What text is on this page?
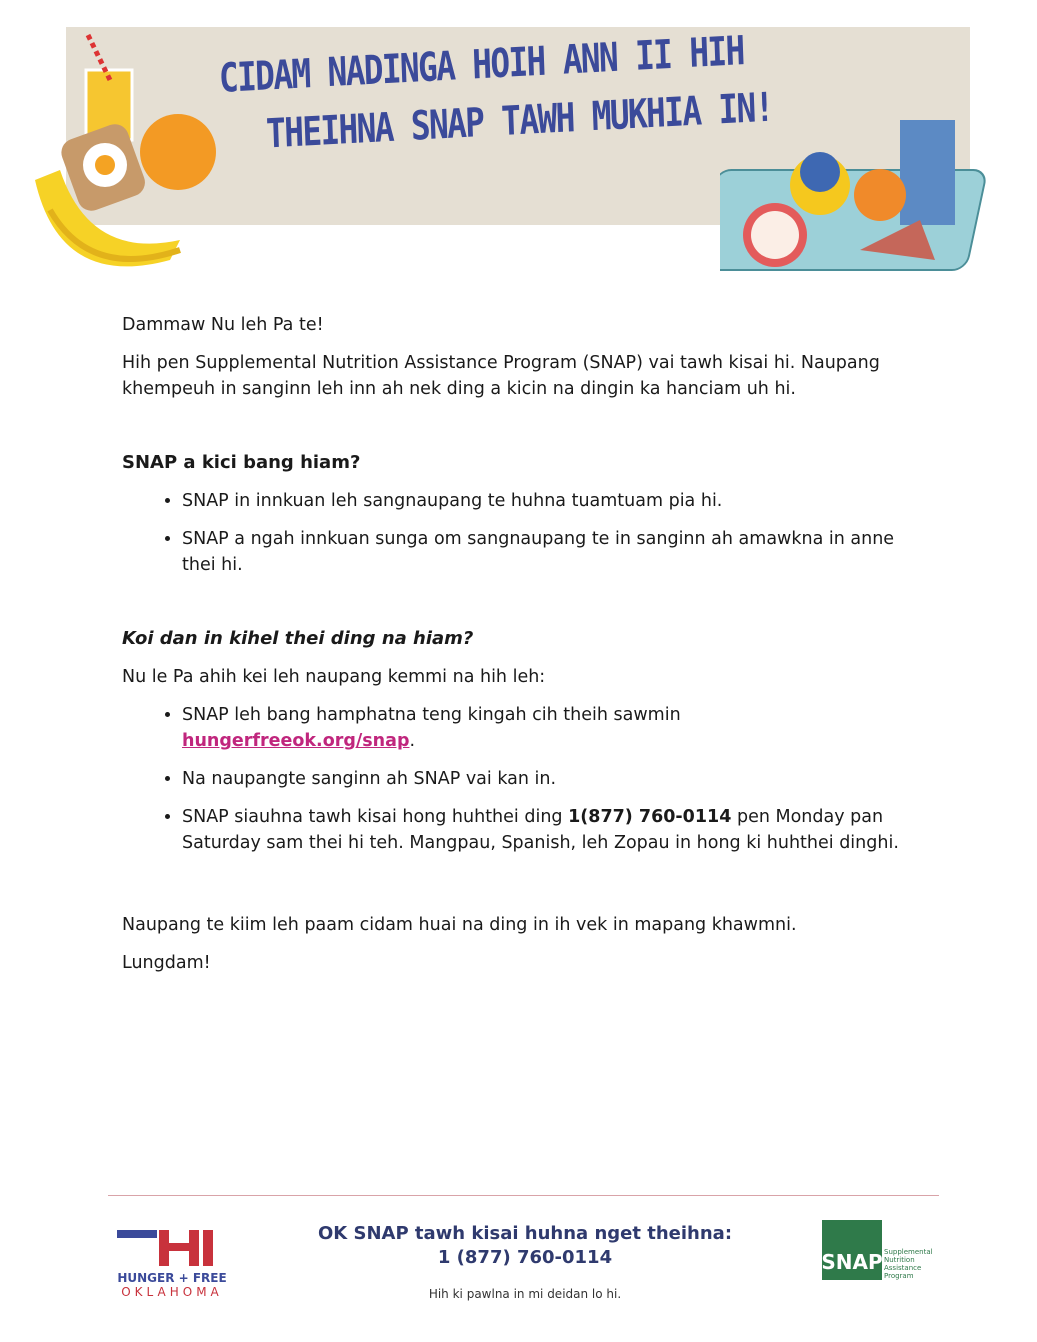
CIDAM NADINGA HOIH ANN II HIH
THEIHNA SNAP TAWH MUKHIA IN!

Dammaw Nu leh Pa te!

Hih pen Supplemental Nutrition Assistance Program (SNAP) vai tawh kisai hi. Naupang khempeuh in sanginn leh inn ah nek ding a kicin na dingin ka hanciam uh hi.

SNAP a kici bang hiam?
• SNAP in innkuan leh sangnaupang te huhna tuamtuam pia hi.
• SNAP a ngah innkuan sunga om sangnaupang te in sanginn ah amawkna in anne thei hi.
Koi dan in kihel thei ding na hiam?

Nu le Pa ahih kei leh naupang kemmi na hih leh:

• SNAP leh bang hamphatna teng kingah cih theih sawmin
hungerfreeok.org/snap.
• Na naupangte sanginn ah SNAP vai kan in.
• SNAP siauhna tawh kisai hong huhthei ding 1(877) 760-0114 pen Monday pan Saturday sam thei hi teh. Mangpau, Spanish, leh Zopau in hong ki huhthei dinghi.

Naupang te kiim leh paam cidam huai na ding in ih vek in mapang khawmni.

Lungdam!

HUNGER + FREE
OKLAHOMA
OK SNAP tawh kisai huhna nget theihna:
1 (877) 760-0114
Hih ki pawlna in mi deidan lo hi.
SNAP Supplemental Nutrition Assistance Program
